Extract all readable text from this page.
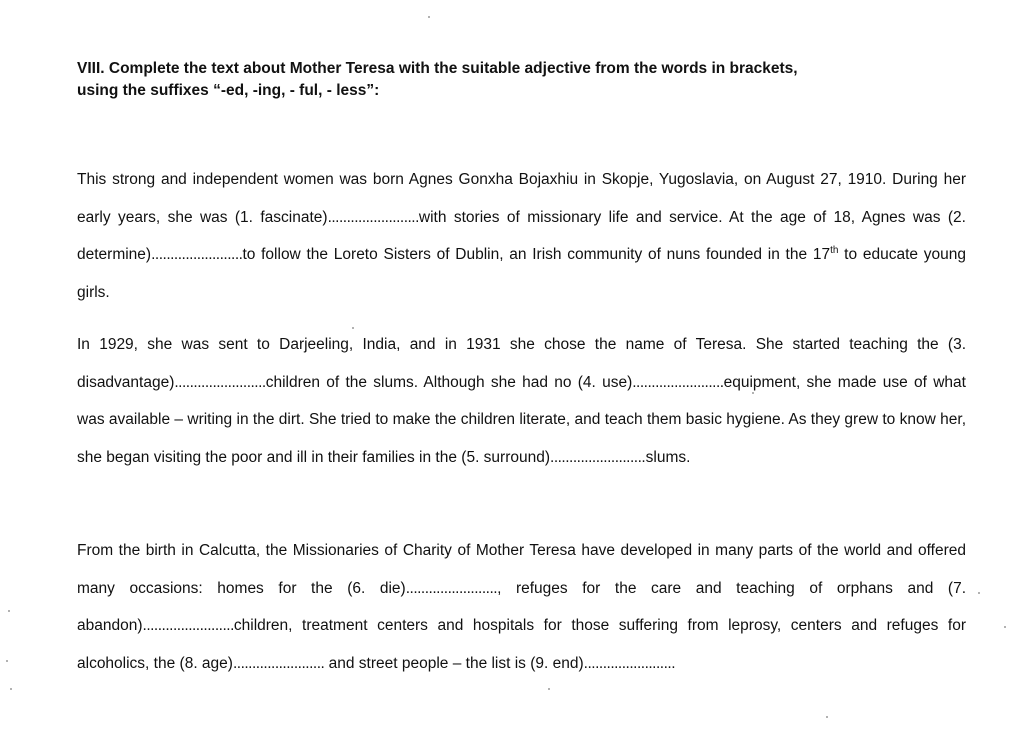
VIII. Complete the text about Mother Teresa with the suitable adjective from the words in brackets,
using the suffixes “-ed, -ing, - ful, - less”:

This strong and independent women was born Agnes Gonxha Bojaxhiu in Skopje, Yugoslavia, on August 27, 1910. During her early years, she was (1. fascinate)........................with stories of missionary life and service. At the age of 18, Agnes was (2. determine)........................to follow the Loreto Sisters of Dublin, an Irish community of nuns founded in the 17th to educate young girls.

In 1929, she was sent to Darjeeling, India, and in 1931 she chose the name of Teresa. She started teaching the (3. disadvantage)........................children of the slums. Although she had no (4. use)........................equipment, she made use of what was available – writing in the dirt. She tried to make the children literate, and teach them basic hygiene. As they grew to know her, she began visiting the poor and ill in their families in the (5. surround).........................slums.

From the birth in Calcutta, the Missionaries of Charity of Mother Teresa have developed in many parts of the world and offered many occasions: homes for the (6. die)........................, refuges for the care and teaching of orphans and (7. abandon)........................children, treatment centers and hospitals for those suffering from leprosy, centers and refuges for alcoholics, the (8. age)........................ and street people – the list is (9. end)........................
